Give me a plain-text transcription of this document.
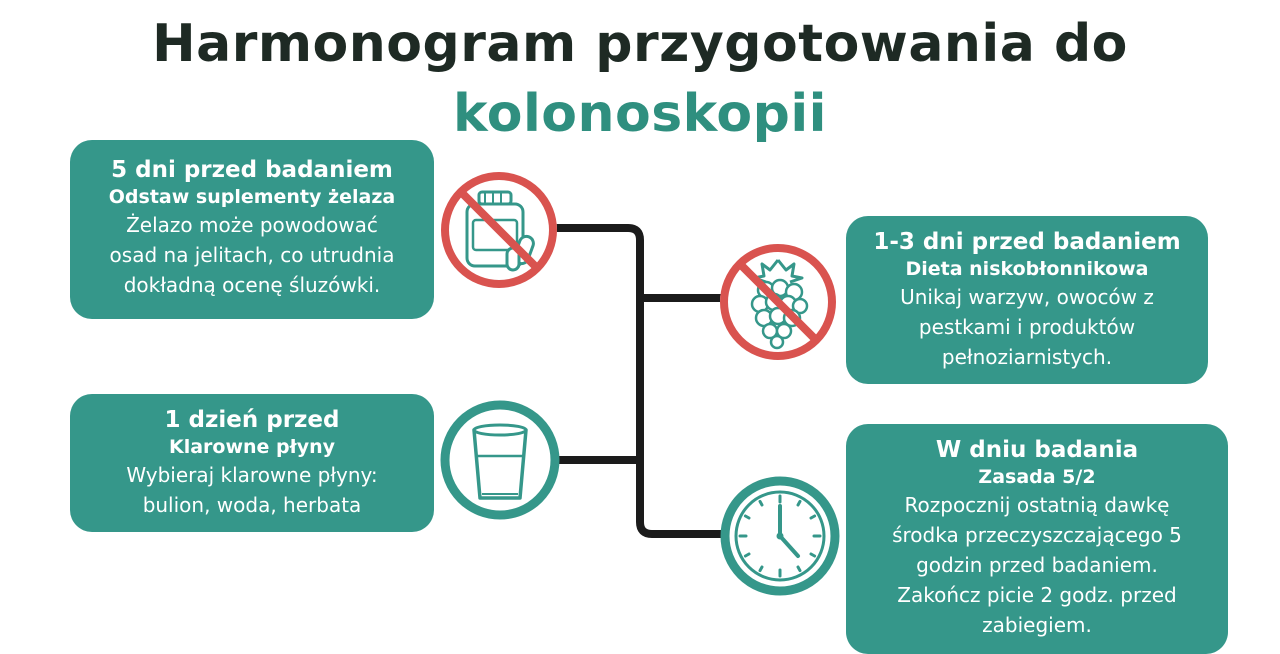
Harmonogram przygotowania do
kolonoskopii
5 dni przed badaniem
Odstaw suplementy żelaza
Żelazo może powodować
osad na jelitach, co utrudnia
dokładną ocenę śluzówki.
1-3 dni przed badaniem
Dieta niskobłonnikowa
Unikaj warzyw, owoców z
pestkami i produktów
pełnoziarnistych.
1 dzień przed
Klarowne płyny
Wybieraj klarowne płyny:
bulion, woda, herbata
W dniu badania
Zasada 5/2
Rozpocznij ostatnią dawkę
środka przeczyszczającego 5
godzin przed badaniem.
Zakończ picie 2 godz. przed
zabiegiem.
